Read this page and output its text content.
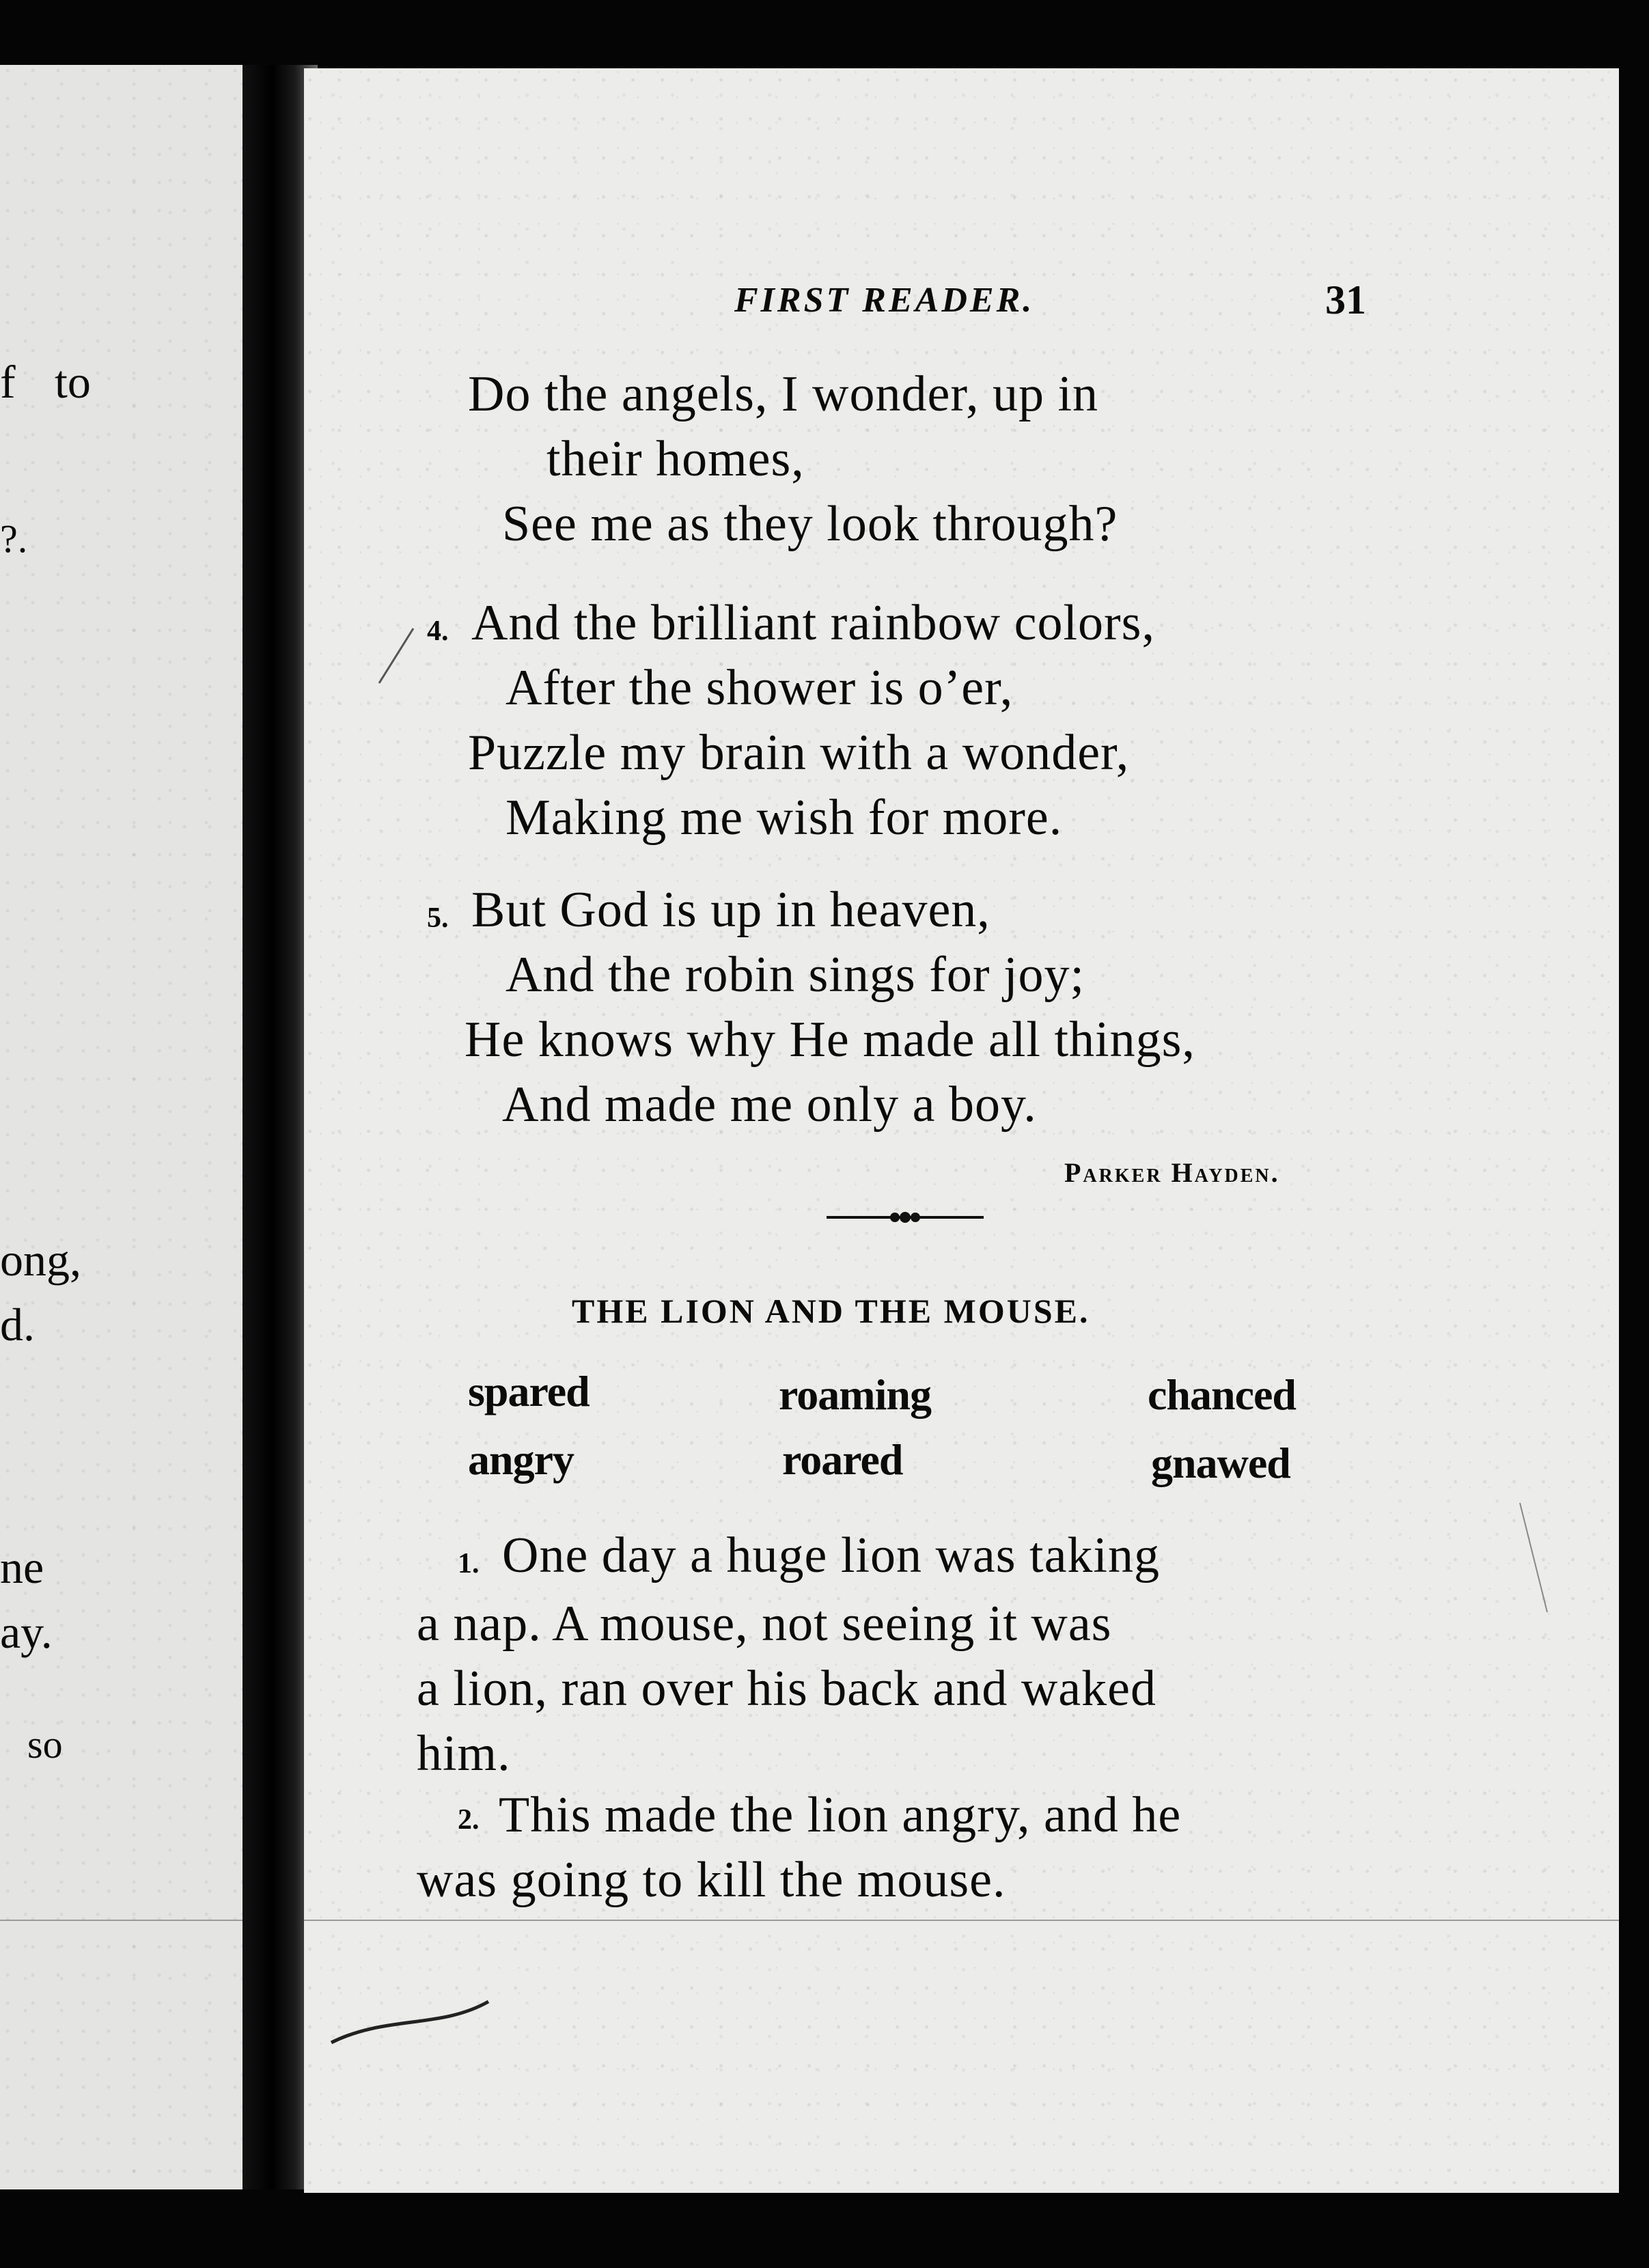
f to
?.
ong,
d.
ne
ay.
so
FIRST READER.	31
Do the angels, I wonder, up in
their homes,
See me as they look through?
4. And the brilliant rainbow colors,
After the shower is o’er,
Puzzle my brain with a wonder,
Making me wish for more.
5. But God is up in heaven,
And the robin sings for joy;
He knows why He made all things,
And made me only a boy.
Parker Hayden.
THE LION AND THE MOUSE.
spared	roaming	chanced
angry	roared	gnawed
1. One day a huge lion was taking
a nap. A mouse, not seeing it was
a lion, ran over his back and waked
him.
2. This made the lion angry, and he
was going to kill the mouse.
